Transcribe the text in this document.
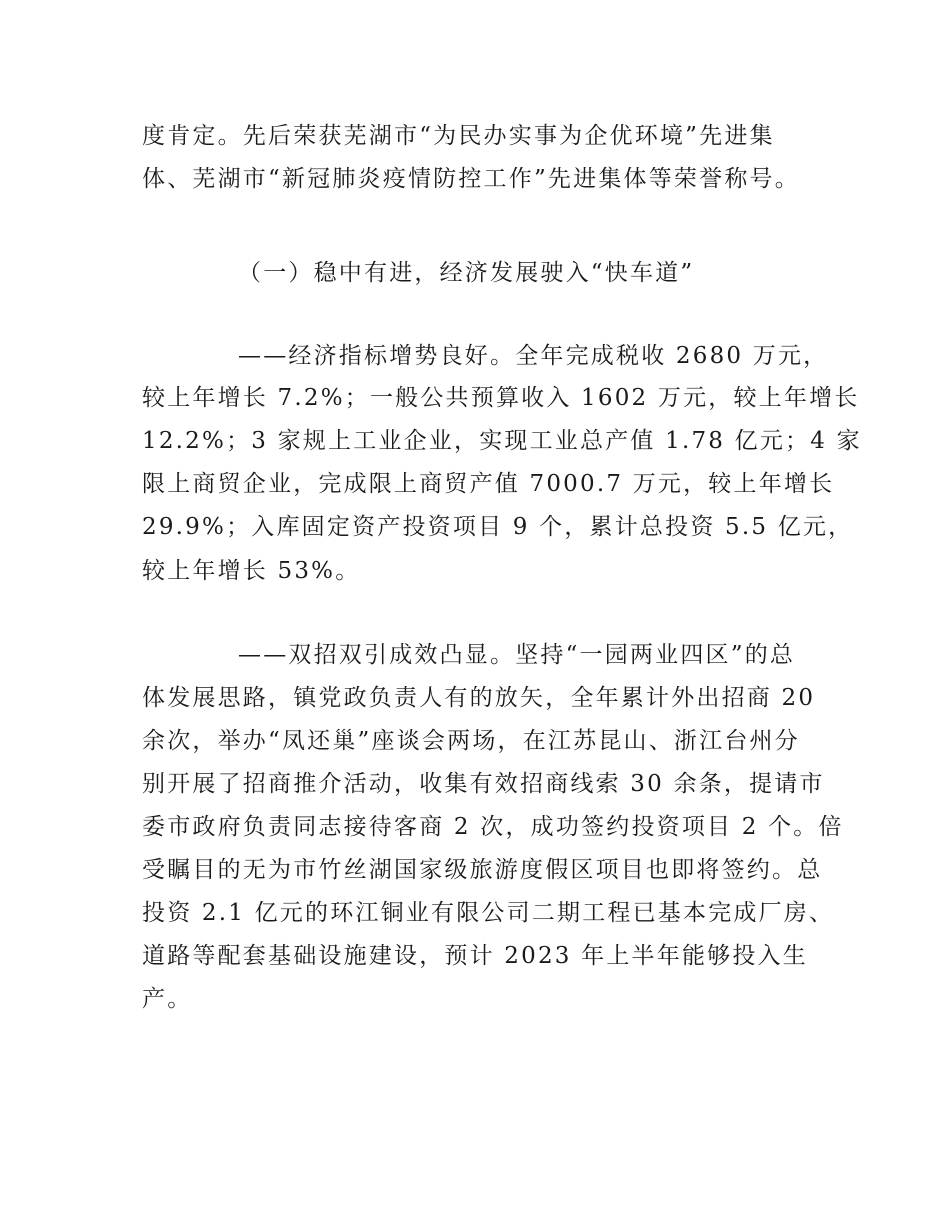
度肯定。先后荣获芜湖市“为民办实事为企优环境”先进集
体、芜湖市“新冠肺炎疫情防控工作”先进集体等荣誉称号。
（一）稳中有进，经济发展驶入“快车道”
——经济指标增势良好。全年完成税收 2680 万元，
较上年增长 7.2%；一般公共预算收入 1602 万元，较上年增长
12.2%；3 家规上工业企业，实现工业总产值 1.78 亿元；4 家
限上商贸企业，完成限上商贸产值 7000.7 万元，较上年增长
29.9%；入库固定资产投资项目 9 个，累计总投资 5.5 亿元，
较上年增长 53%。
——双招双引成效凸显。坚持“一园两业四区”的总
体发展思路，镇党政负责人有的放矢，全年累计外出招商 20
余次，举办“凤还巢”座谈会两场，在江苏昆山、浙江台州分
别开展了招商推介活动，收集有效招商线索 30 余条，提请市
委市政府负责同志接待客商 2 次，成功签约投资项目 2 个。倍
受瞩目的无为市竹丝湖国家级旅游度假区项目也即将签约。总
投资 2.1 亿元的环江铜业有限公司二期工程已基本完成厂房、
道路等配套基础设施建设，预计 2023 年上半年能够投入生
产。
